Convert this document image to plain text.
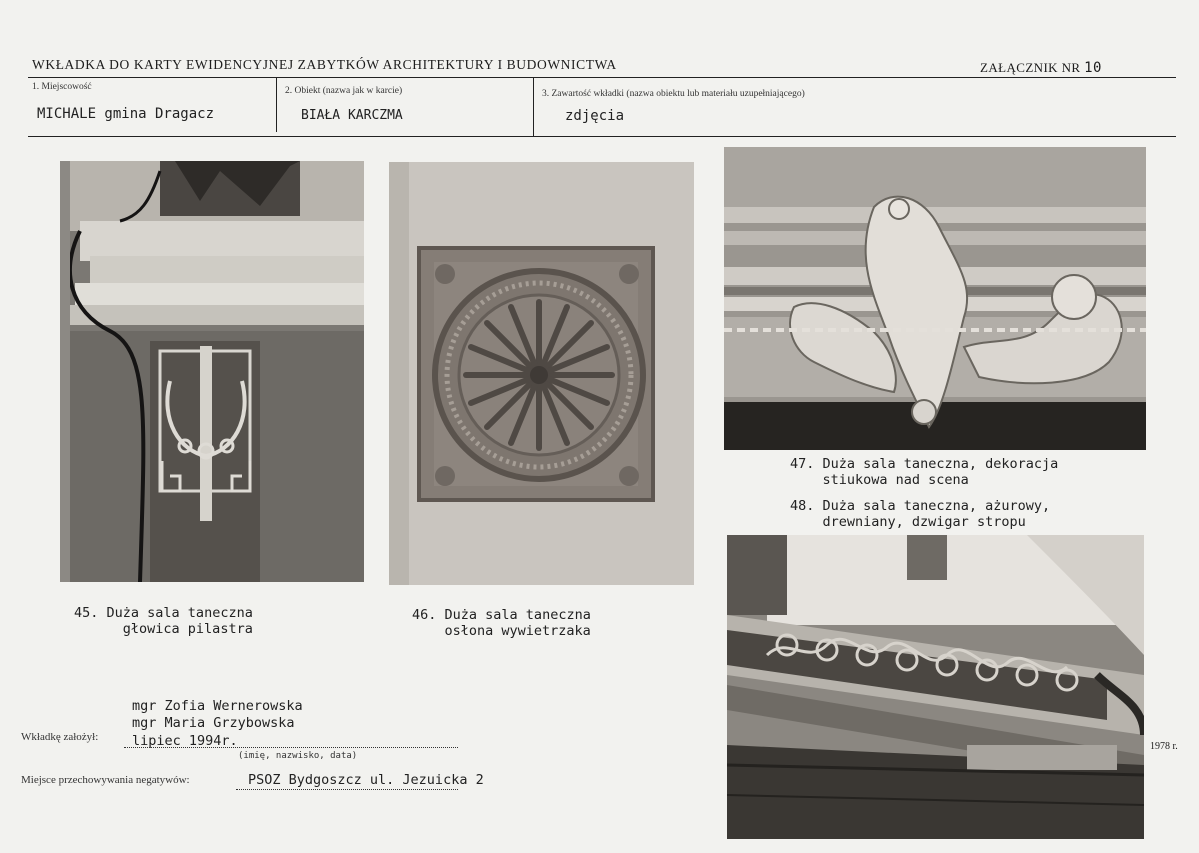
WKŁADKA DO KARTY EWIDENCYJNEJ ZABYTKÓW ARCHITEKTURY I BUDOWNICTWA	ZAŁĄCZNIK NR 10
1. Miejscowość
MICHALE gmina Dragacz
2. Obiekt (nazwa jak w karcie)
BIAŁA KARCZMA
3. Zawartość wkładki (nazwa obiektu lub materiału uzupełniającego)
zdjęcia
45. Duża sala taneczna
głowica pilastra
46. Duża sala taneczna
osłona wywietrzaka
47. Duża sala taneczna, dekoracja
stiukowa nad scena
48. Duża sala taneczna, ażurowy,
drewniany, dzwigar stropu
mgr Zofia Wernerowska
mgr Maria Grzybowska
Wkładkę założył: lipiec 1994r.
(imię, nazwisko, data)
Miejsce przechowywania negatywów:	PSOZ Bydgoszcz ul. Jezuicka 2
1978 r.
